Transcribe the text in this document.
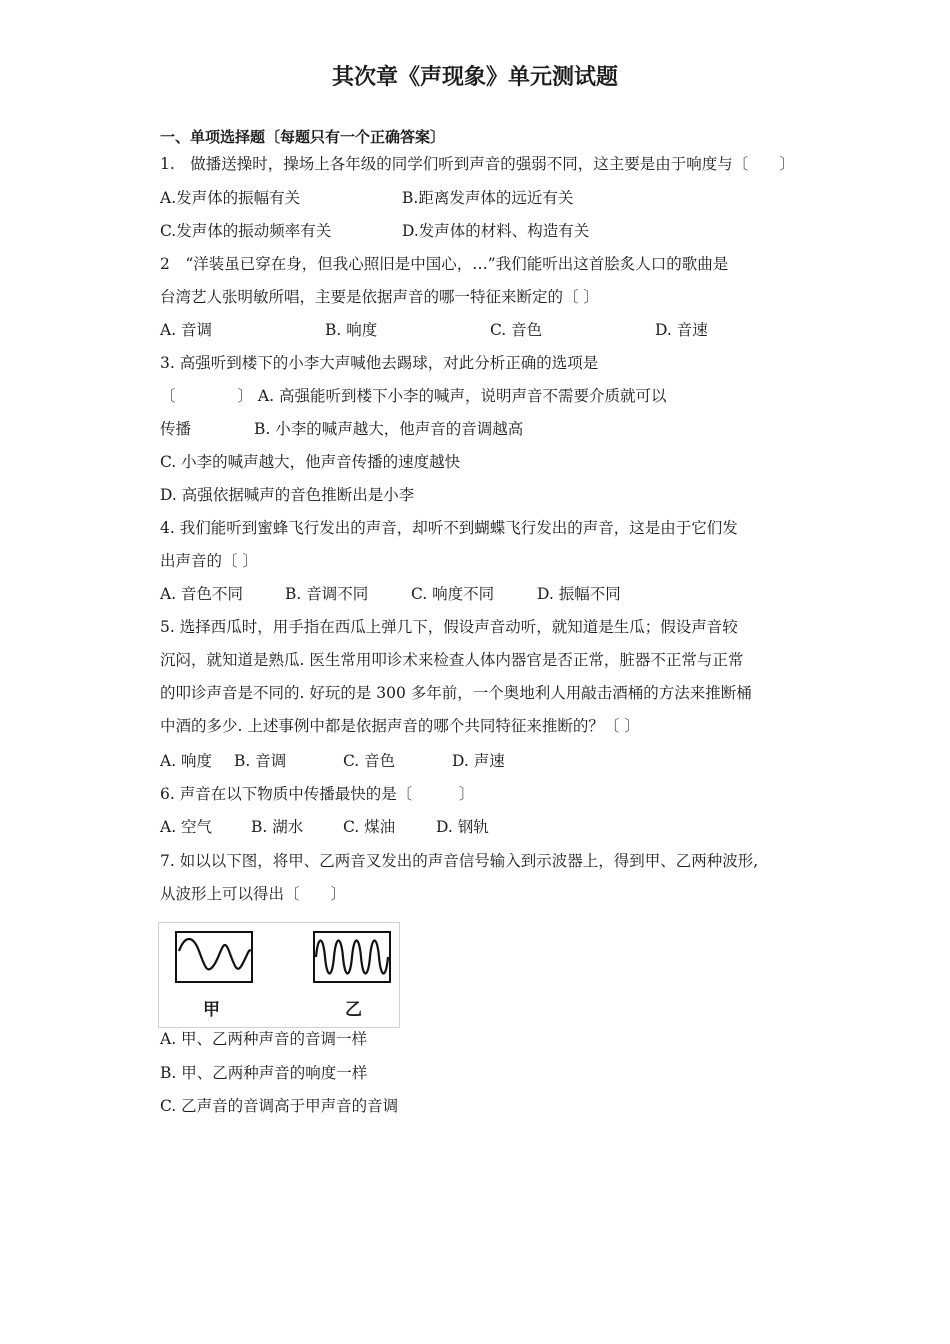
其次章《声现象》单元测试题
一、单项选择题〔每题只有一个正确答案〕
1.　做播送操时，操场上各年级的同学们听到声音的强弱不同，这主要是由于响度与〔　　〕
A.发声体的振幅有关	B.距离发声体的远近有关
C.发声体的振动频率有关	D.发声体的材料、构造有关
2　“洋装虽已穿在身，但我心照旧是中国心，…”我们能听出这首脍炙人口的歌曲是
台湾艺人张明敏所唱，主要是依据声音的哪一特征来断定的〔 〕
A. 音调	B. 响度	C. 音色	D. 音速
3. 高强听到楼下的小李大声喊他去踢球，对此分析正确的选项是
〔　　　　〕 A. 高强能听到楼下小李的喊声，说明声音不需要介质就可以
传播	B. 小李的喊声越大，他声音的音调越高
C. 小李的喊声越大，他声音传播的速度越快
D. 高强依据喊声的音色推断出是小李
4. 我们能听到蜜蜂飞行发出的声音，却听不到蝴蝶飞行发出的声音，这是由于它们发
出声音的〔 〕
A. 音色不同	B. 音调不同	C. 响度不同	D. 振幅不同
5. 选择西瓜时，用手指在西瓜上弹几下，假设声音动听，就知道是生瓜；假设声音较
沉闷，就知道是熟瓜. 医生常用叩诊术来检查人体内器官是否正常，脏器不正常与正常
的叩诊声音是不同的. 好玩的是 300 多年前，一个奥地利人用敲击酒桶的方法来推断桶
中酒的多少. 上述事例中都是依据声音的哪个共同特征来推断的？〔 〕
A. 响度 B. 音调	C. 音色	D. 声速
6. 声音在以下物质中传播最快的是〔　　　〕
A. 空气	B. 湖水	C. 煤油	D. 钢轨
7. 如以以下图，将甲、乙两音叉发出的声音信号输入到示波器上，得到甲、乙两种波形,
从波形上可以得出〔　　〕
甲	乙
A. 甲、乙两种声音的音调一样
B. 甲、乙两种声音的响度一样
C. 乙声音的音调高于甲声音的音调
